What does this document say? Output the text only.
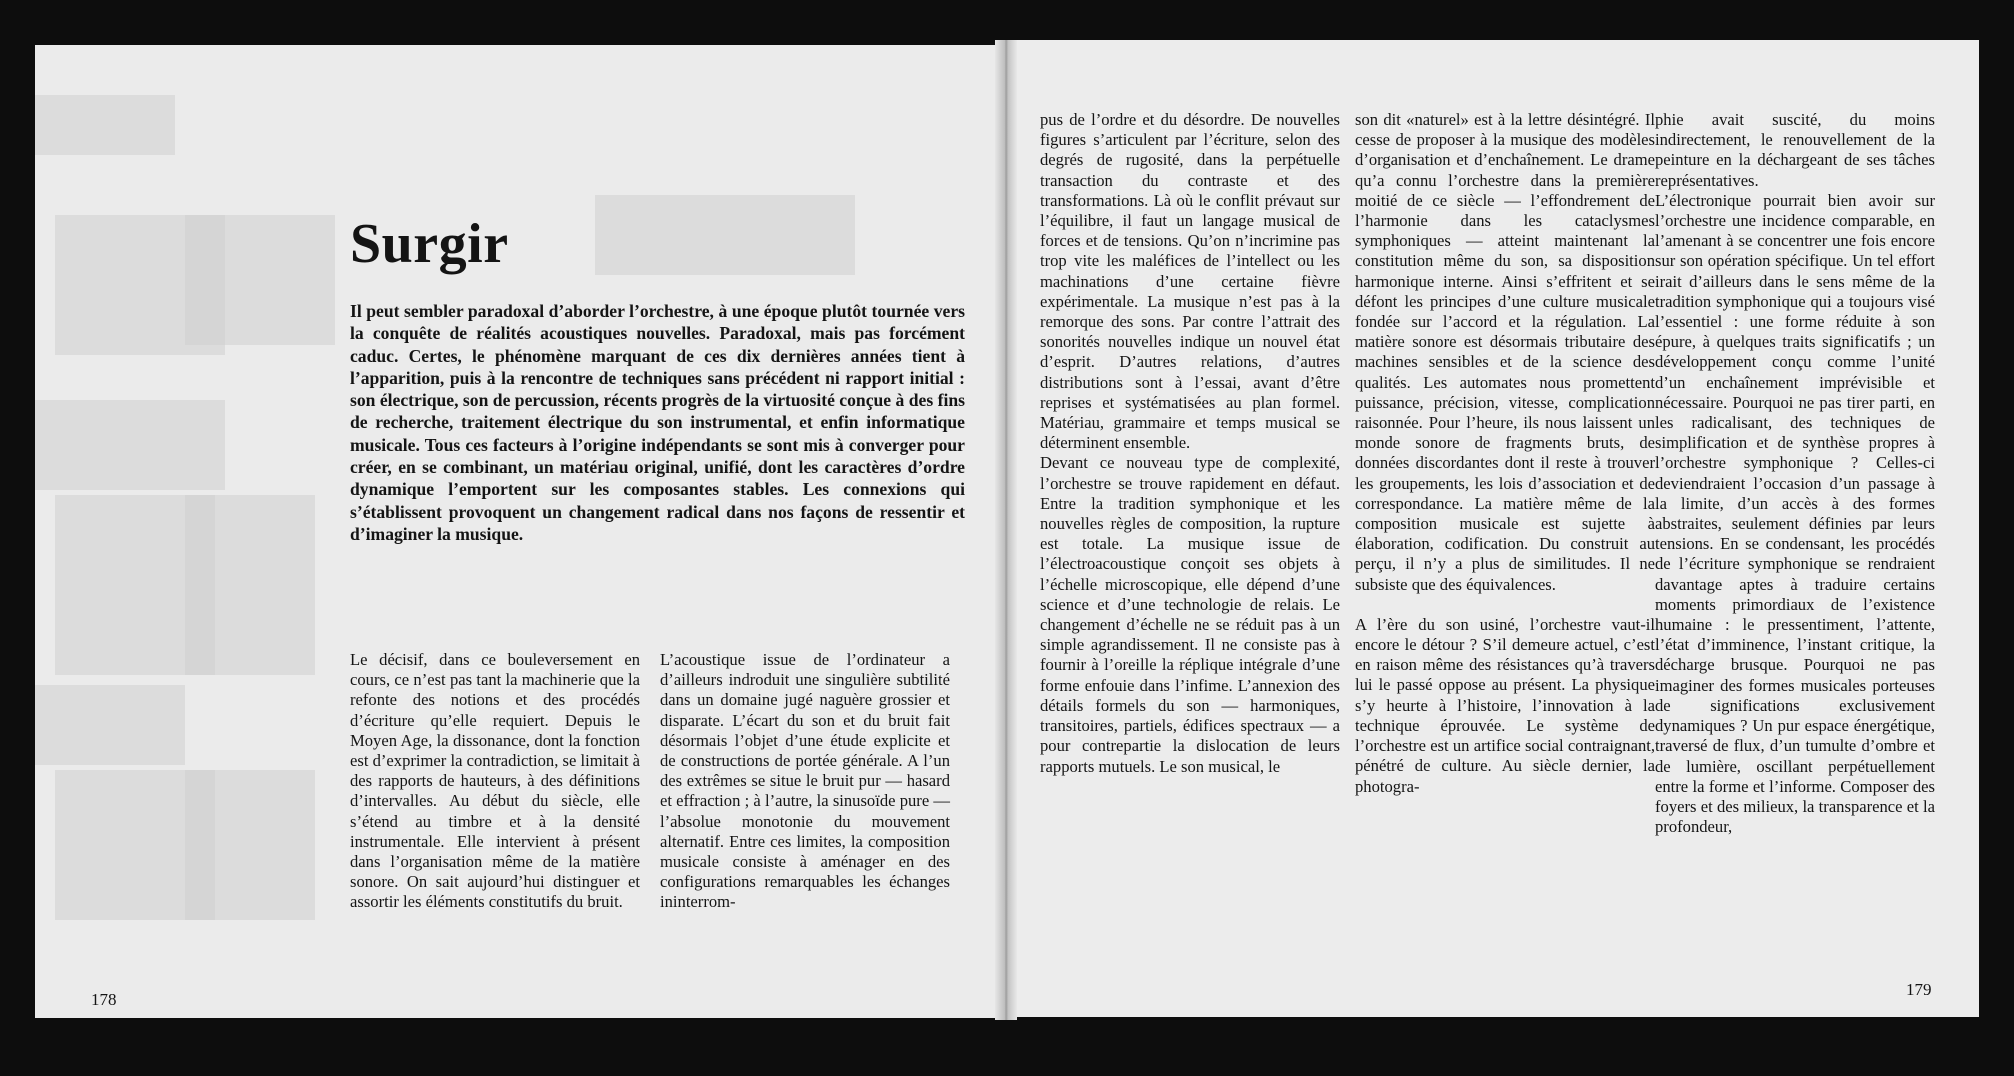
Surgir

Il peut sembler paradoxal d’aborder l’orchestre, à une époque plutôt tournée vers la conquête de réalités acoustiques nouvelles. Paradoxal, mais pas forcément caduc. Certes, le phénomène marquant de ces dix dernières années tient à l’apparition, puis à la rencontre de techniques sans précédent ni rapport initial : son électrique, son de percussion, récents progrès de la virtuosité conçue à des fins de recherche, traitement électrique du son instrumental, et enfin informatique musicale. Tous ces facteurs à l’origine indépendants se sont mis à converger pour créer, en se combinant, un matériau original, unifié, dont les caractères d’ordre dynamique l’emportent sur les composantes stables. Les connexions qui s’établissent provoquent un changement radical dans nos façons de ressentir et d’imaginer la musique.

Le décisif, dans ce bouleversement en cours, ce n’est pas tant la machinerie que la refonte des notions et des procédés d’écriture qu’elle requiert. Depuis le Moyen Age, la dissonance, dont la fonction est d’exprimer la contradiction, se limitait à des rapports de hauteurs, à des définitions d’intervalles. Au début du siècle, elle s’étend au timbre et à la densité instrumentale. Elle intervient à présent dans l’organisation même de la matière sonore. On sait aujourd’hui distinguer et assortir les éléments constitutifs du bruit.

L’acoustique issue de l’ordinateur a d’ailleurs indroduit une singulière subtilité dans un domaine jugé naguère grossier et disparate. L’écart du son et du bruit fait désormais l’objet d’une étude explicite et de constructions de portée générale. A l’un des extrêmes se situe le bruit pur — hasard et effraction ; à l’autre, la sinusoïde pure — l’absolue monotonie du mouvement alternatif. Entre ces limites, la composition musicale consiste à aménager en des configurations remarquables les échanges ininterrom-

pus de l’ordre et du désordre. De nouvelles figures s’articulent par l’écriture, selon des degrés de rugosité, dans la perpétuelle transaction du contraste et des transformations. Là où le conflit prévaut sur l’équilibre, il faut un langage musical de forces et de tensions. Qu’on n’incrimine pas trop vite les maléfices de l’intellect ou les machinations d’une certaine fièvre expérimentale. La musique n’est pas à la remorque des sons. Par contre l’attrait des sonorités nouvelles indique un nouvel état d’esprit. D’autres relations, d’autres distributions sont à l’essai, avant d’être reprises et systématisées au plan formel. Matériau, grammaire et temps musical se déterminent ensemble.

Devant ce nouveau type de complexité, l’orchestre se trouve rapidement en défaut. Entre la tradition symphonique et les nouvelles règles de composition, la rupture est totale. La musique issue de l’électroacoustique conçoit ses objets à l’échelle microscopique, elle dépend d’une science et d’une technologie de relais. Le changement d’échelle ne se réduit pas à un simple agrandissement. Il ne consiste pas à fournir à l’oreille la réplique intégrale d’une forme enfouie dans l’infime. L’annexion des détails formels du son — harmoniques, transitoires, partiels, édifices spectraux — a pour contrepartie la dislocation de leurs rapports mutuels. Le son musical, le

son dit «naturel» est à la lettre désintégré. Il cesse de proposer à la musique des modèles d’organisation et d’enchaînement. Le drame qu’a connu l’orchestre dans la première moitié de ce siècle — l’effondrement de l’harmonie dans les cataclysmes symphoniques — atteint maintenant la constitution même du son, sa disposition harmonique interne. Ainsi s’effritent et se défont les principes d’une culture musicale fondée sur l’accord et la régulation. La matière sonore est désormais tributaire des machines sensibles et de la science des qualités. Les automates nous promettent puissance, précision, vitesse, complication raisonnée. Pour l’heure, ils nous laissent un monde sonore de fragments bruts, de données discordantes dont il reste à trouver les groupements, les lois d’association et de correspondance. La matière même de la composition musicale est sujette à élaboration, codification. Du construit au perçu, il n’y a plus de similitudes. Il ne subsiste que des équivalences.

A l’ère du son usiné, l’orchestre vaut-il encore le détour ? S’il demeure actuel, c’est en raison même des résistances qu’à travers lui le passé oppose au présent. La physique s’y heurte à l’histoire, l’innovation à la technique éprouvée. Le système de l’orchestre est un artifice social contraignant, pénétré de culture. Au siècle dernier, la photogra-

phie avait suscité, du moins indirectement, le renouvellement de la peinture en la déchargeant de ses tâches représentatives.

L’électronique pourrait bien avoir sur l’orchestre une incidence comparable, en l’amenant à se concentrer une fois encore sur son opération spécifique. Un tel effort irait d’ailleurs dans le sens même de la tradition symphonique qui a toujours visé l’essentiel : une forme réduite à son épure, à quelques traits significatifs ; un développement conçu comme l’unité d’un enchaînement imprévisible et nécessaire. Pourquoi ne pas tirer parti, en les radicalisant, des techniques de simplification et de synthèse propres à l’orchestre symphonique ? Celles-ci deviendraient l’occasion d’un passage à la limite, d’un accès à des formes abstraites, seulement définies par leurs tensions. En se condensant, les procédés de l’écriture symphonique se rendraient davantage aptes à traduire certains moments primordiaux de l’existence humaine : le pressentiment, l’attente, l’état d’imminence, l’instant critique, la décharge brusque. Pourquoi ne pas imaginer des formes musicales porteuses de significations exclusivement dynamiques ? Un pur espace énergétique, traversé de flux, d’un tumulte d’ombre et de lumière, oscillant perpétuellement entre la forme et l’informe. Composer des foyers et des milieux, la transparence et la profondeur,

178
179
